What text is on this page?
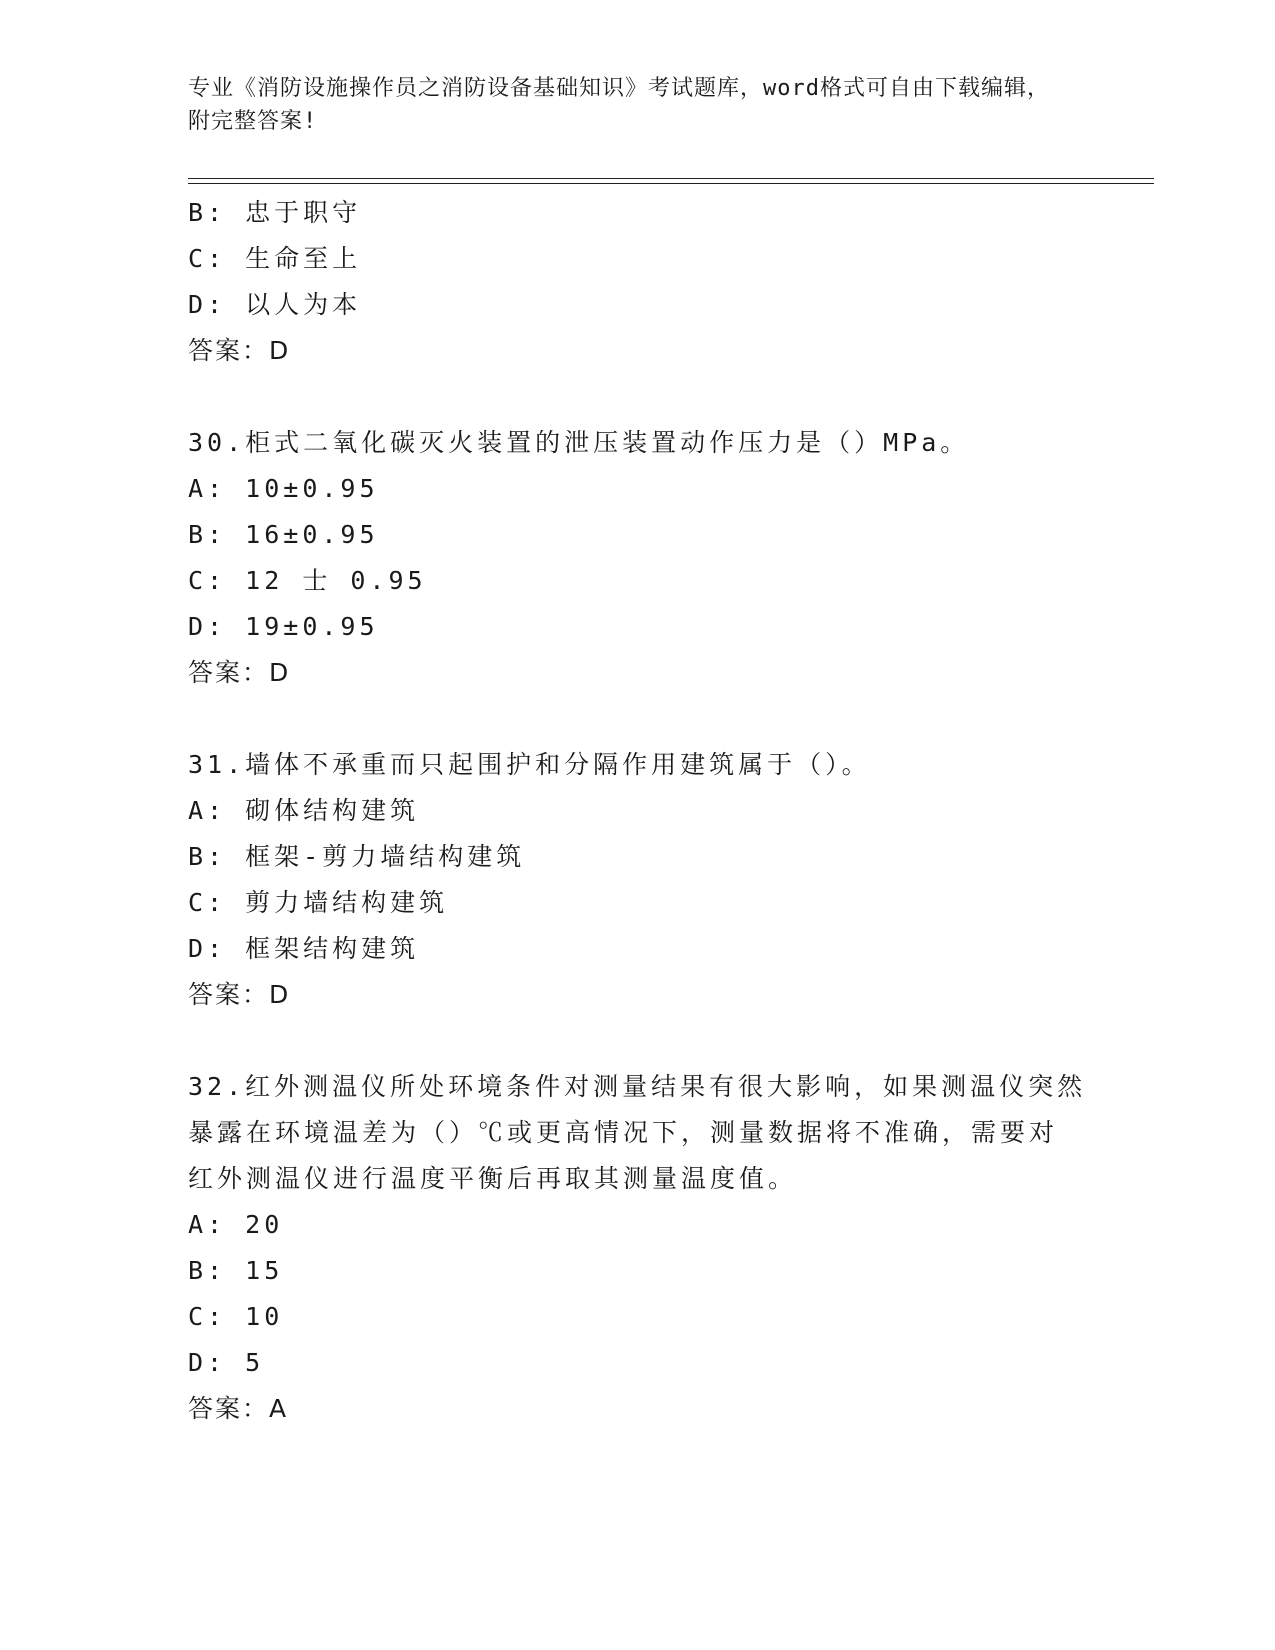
专业《消防设施操作员之消防设备基础知识》考试题库，word格式可自由下载编辑，附完整答案!
B: 忠于职守
C: 生命至上
D: 以人为本
答案：D
30.柜式二氧化碳灭火装置的泄压装置动作压力是（）MPa。
A: 10±0.95
B: 16±0.95
C: 12 士 0.95
D: 19±0.95
答案：D
31.墙体不承重而只起围护和分隔作用建筑属于（）。
A: 砌体结构建筑
B: 框架-剪力墙结构建筑
C: 剪力墙结构建筑
D: 框架结构建筑
答案：D
32.红外测温仪所处环境条件对测量结果有很大影响，如果测温仪突然
暴露在环境温差为（）℃或更高情况下，测量数据将不准确，需要对
红外测温仪进行温度平衡后再取其测量温度值。
A: 20
B: 15
C: 10
D: 5
答案：A
